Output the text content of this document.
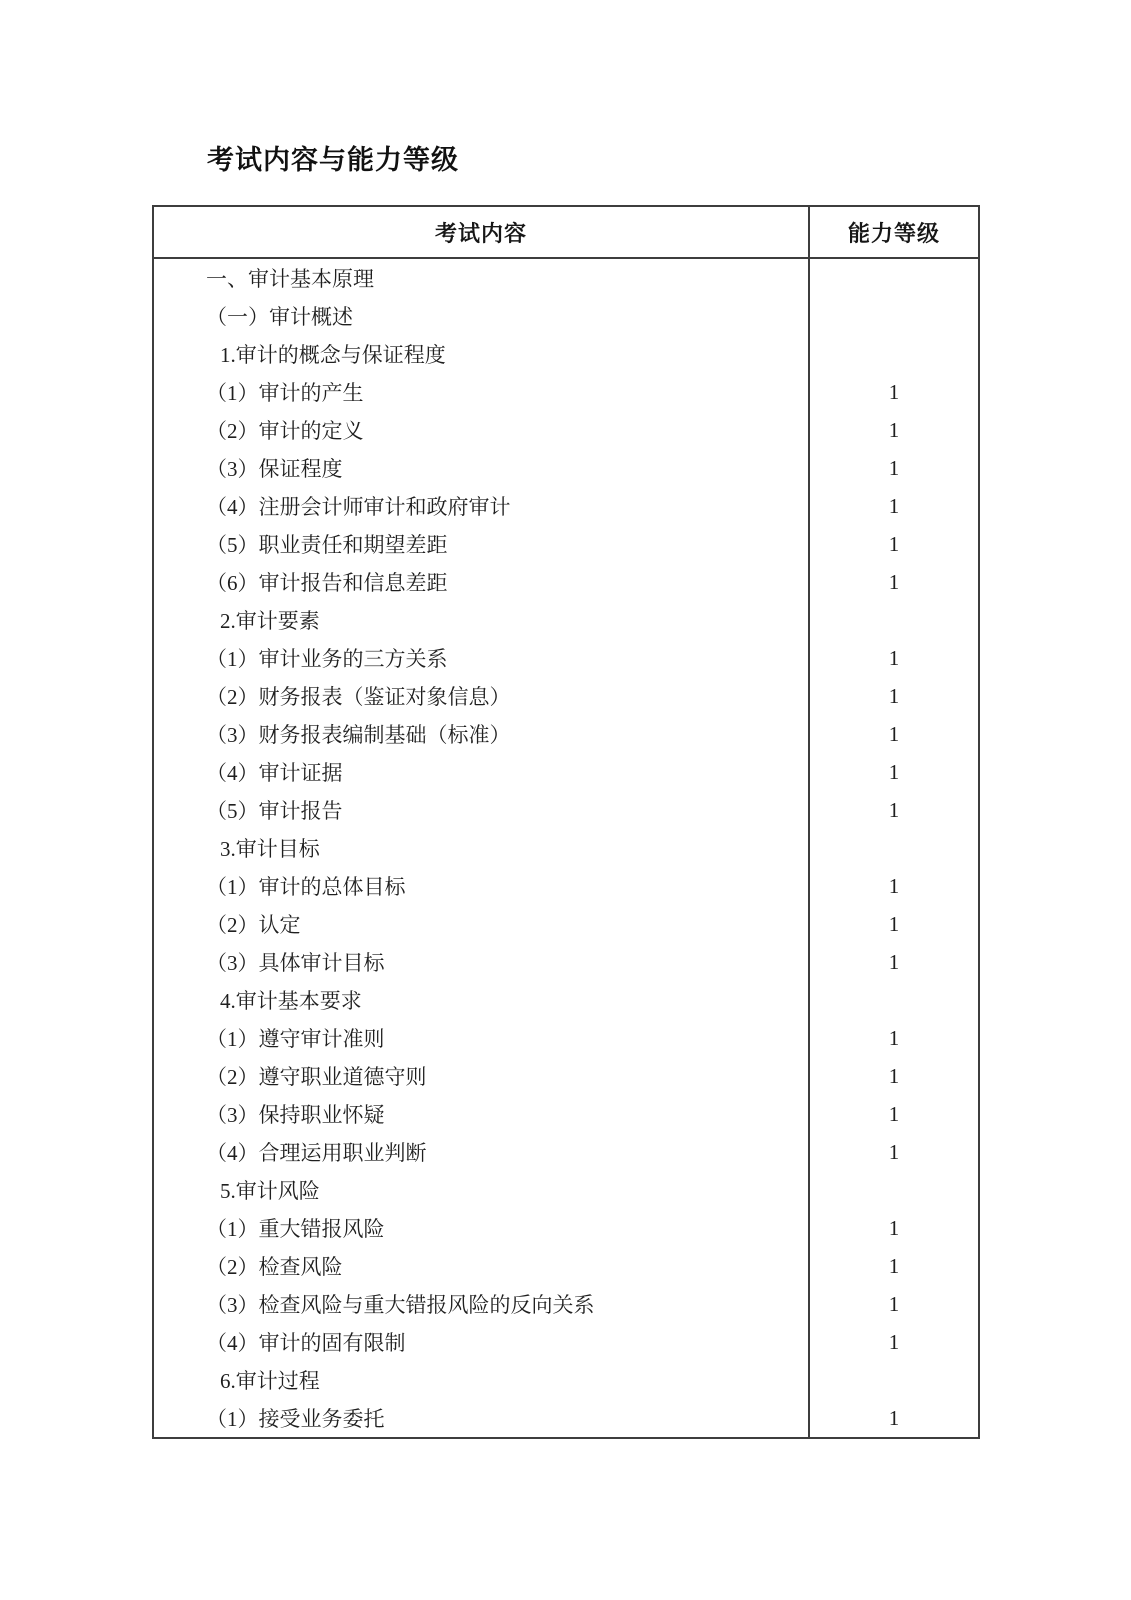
考试内容与能力等级
考试内容	能力等级
一、审计基本原理
（一）审计概述
1.审计的概念与保证程度
（1）审计的产生	1
（2）审计的定义	1
（3）保证程度	1
（4）注册会计师审计和政府审计	1
（5）职业责任和期望差距	1
（6）审计报告和信息差距	1
2.审计要素
（1）审计业务的三方关系	1
（2）财务报表（鉴证对象信息）	1
（3）财务报表编制基础（标准）	1
（4）审计证据	1
（5）审计报告	1
3.审计目标
（1）审计的总体目标	1
（2）认定	1
（3）具体审计目标	1
4.审计基本要求
（1）遵守审计准则	1
（2）遵守职业道德守则	1
（3）保持职业怀疑	1
（4）合理运用职业判断	1
5.审计风险
（1）重大错报风险	1
（2）检查风险	1
（3）检查风险与重大错报风险的反向关系	1
（4）审计的固有限制	1
6.审计过程
（1）接受业务委托	1
